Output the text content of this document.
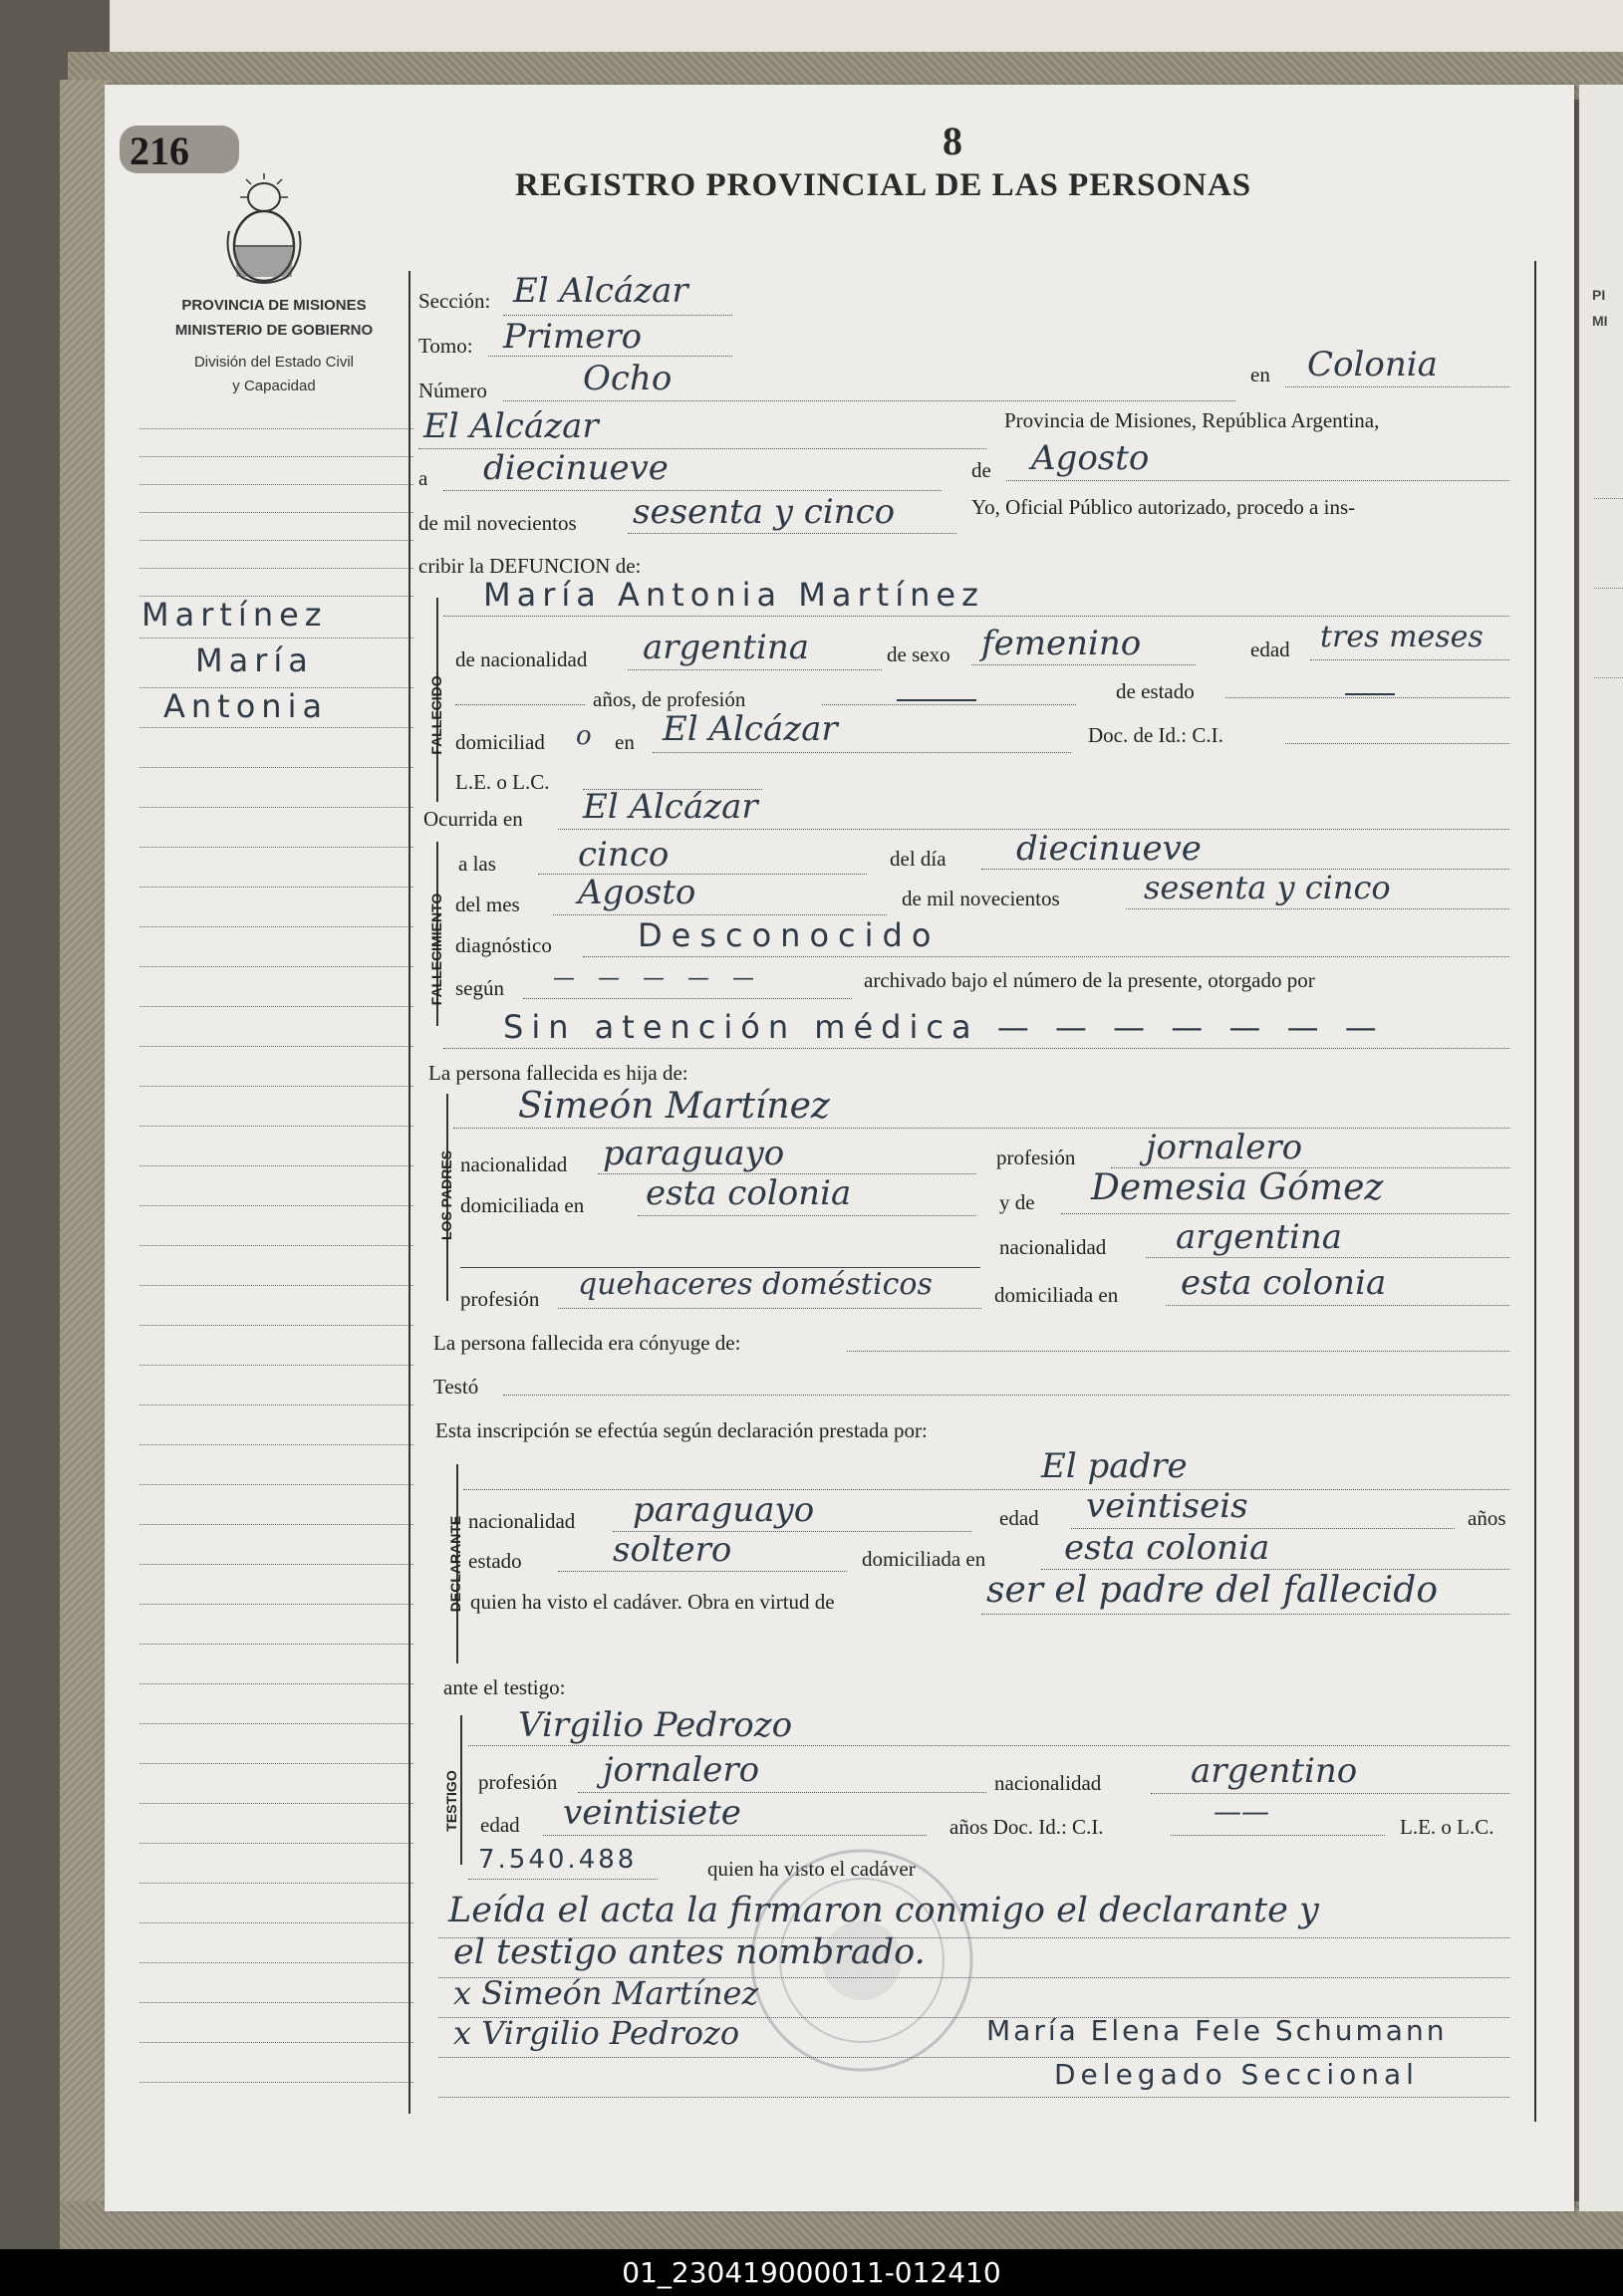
PI
MI
216	8
REGISTRO PROVINCIAL DE LAS PERSONAS
PROVINCIA DE MISIONES
MINISTERIO DE GOBIERNO
División del Estado Civil
y Capacidad
Martínez
María
Antonia
Sección: El Alcázar
Tomo: Primero
Número	Ocho	en Colonia
El Alcázar	Provincia de Misiones, República Argentina,
a diecinueve	de Agosto
de mil novecientos sesenta y cinco	Yo, Oficial Público autorizado, procedo a ins-
cribir la DEFUNCION de:
FALLECIDO
María Antonia Martínez
de nacionalidad argentina	de sexo femenino	edad tres meses
años, de profesión	de estado
domiciliad o en El Alcázar	Doc. de Id.: C.I.
L.E. o L.C.
Ocurrida en El Alcázar
FALLECIMIENTO
a las cinco	del día diecinueve
del mes Agosto	de mil novecientos	sesenta y cinco
diagnóstico	Desconocido
según — — — — —	archivado bajo el número de la presente, otorgado por
Sin atención médica — — — — — — —
La persona fallecida es hija de:
LOS PADRES
Simeón Martínez
nacionalidad paraguayo	profesión jornalero
domiciliada en esta colonia	y de Demesia Gómez
nacionalidad argentina
profesión quehaceres domésticos	domiciliada en esta colonia
La persona fallecida era cónyuge de:
Testó
Esta inscripción se efectúa según declaración prestada por:
DECLARANTE
El padre
nacionalidad paraguayo	edad veintiseis	años
estado	soltero	domiciliada en esta colonia
quien ha visto el cadáver. Obra en virtud de	ser el padre del fallecido
ante el testigo:
TESTIGO
Virgilio Pedrozo
profesión jornalero	nacionalidad	argentino
edad veintisiete	años Doc. Id.: C.I.	——	L.E. o L.C.
7.540.488	quien ha visto el cadáver
Leída el acta la firmaron conmigo el declarante y
el testigo antes nombrado.
x Simeón Martínez
x Virgilio Pedrozo	María Elena Fele Schumann
Delegado Seccional
01_230419000011-012410
